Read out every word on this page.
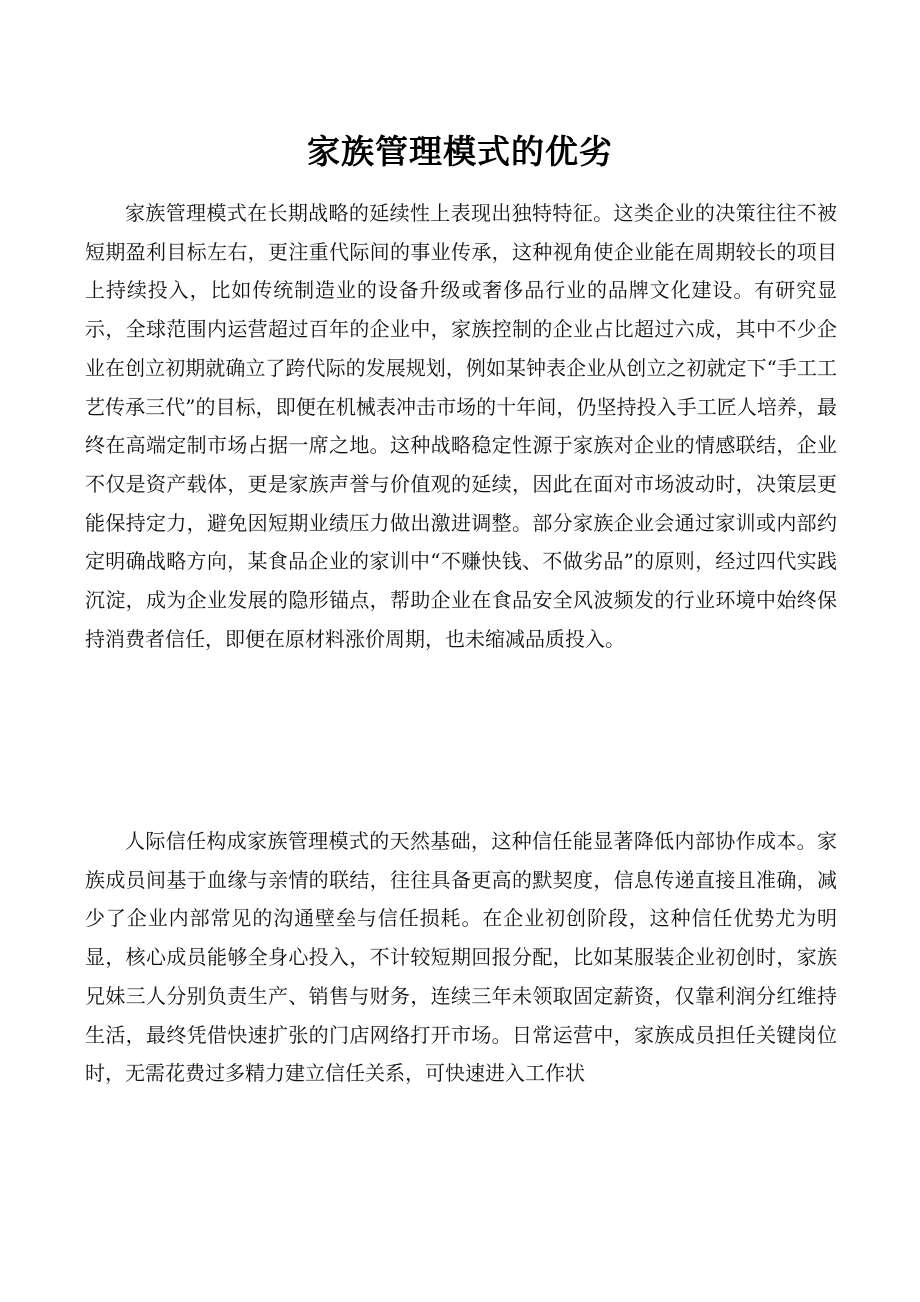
家族管理模式的优劣

家族管理模式在长期战略的延续性上表现出独特特征。这类企业的决策往往不被短期盈利目标左右，更注重代际间的事业传承，这种视角使企业能在周期较长的项目上持续投入，比如传统制造业的设备升级或奢侈品行业的品牌文化建设。有研究显示，全球范围内运营超过百年的企业中，家族控制的企业占比超过六成，其中不少企业在创立初期就确立了跨代际的发展规划，例如某钟表企业从创立之初就定下“手工工艺传承三代”的目标，即便在机械表冲击市场的十年间，仍坚持投入手工匠人培养，最终在高端定制市场占据一席之地。这种战略稳定性源于家族对企业的情感联结，企业不仅是资产载体，更是家族声誉与价值观的延续，因此在面对市场波动时，决策层更能保持定力，避免因短期业绩压力做出激进调整。部分家族企业会通过家训或内部约定明确战略方向，某食品企业的家训中“不赚快钱、不做劣品”的原则，经过四代实践沉淀，成为企业发展的隐形锚点，帮助企业在食品安全风波频发的行业环境中始终保持消费者信任，即便在原材料涨价周期，也未缩减品质投入。

人际信任构成家族管理模式的天然基础，这种信任能显著降低内部协作成本。家族成员间基于血缘与亲情的联结，往往具备更高的默契度，信息传递直接且准确，减少了企业内部常见的沟通壁垒与信任损耗。在企业初创阶段，这种信任优势尤为明显，核心成员能够全身心投入，不计较短期回报分配，比如某服装企业初创时，家族兄妹三人分别负责生产、销售与财务，连续三年未领取固定薪资，仅靠利润分红维持生活，最终凭借快速扩张的门店网络打开市场。日常运营中，家族成员担任关键岗位时，无需花费过多精力建立信任关系，可快速进入工作状
